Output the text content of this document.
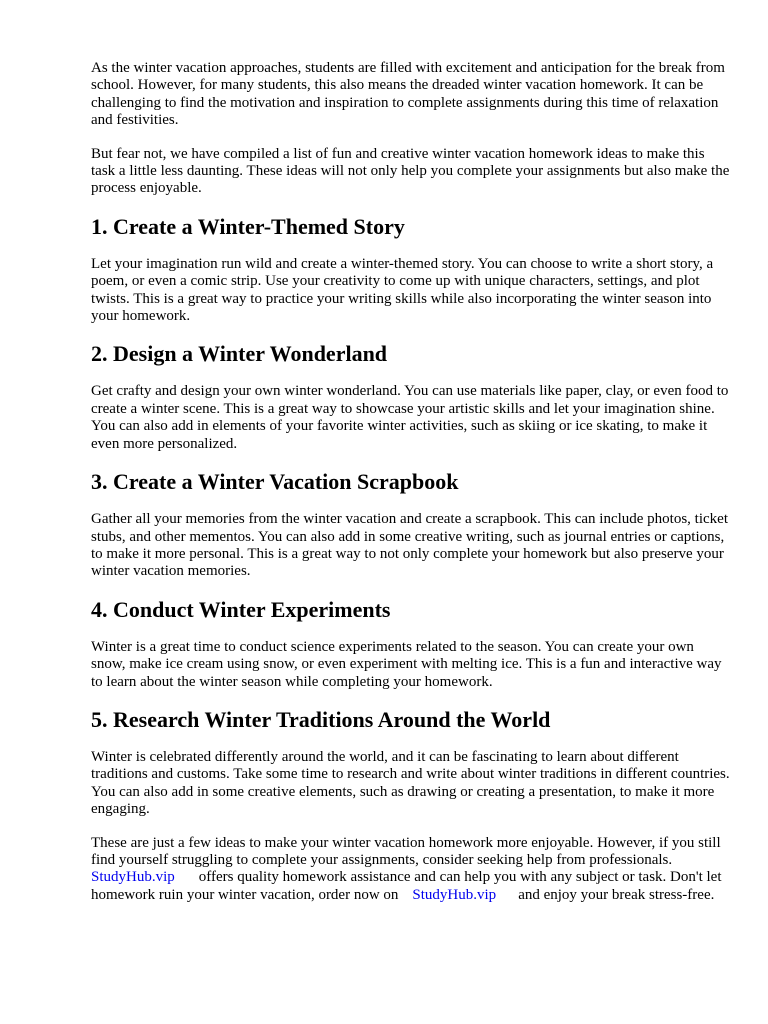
As the winter vacation approaches, students are filled with excitement and anticipation for the break from school. However, for many students, this also means the dreaded winter vacation homework. It can be challenging to find the motivation and inspiration to complete assignments during this time of relaxation and festivities.

But fear not, we have compiled a list of fun and creative winter vacation homework ideas to make this task a little less daunting. These ideas will not only help you complete your assignments but also make the process enjoyable.

1. Create a Winter-Themed Story

Let your imagination run wild and create a winter-themed story. You can choose to write a short story, a poem, or even a comic strip. Use your creativity to come up with unique characters, settings, and plot twists. This is a great way to practice your writing skills while also incorporating the winter season into your homework.

2. Design a Winter Wonderland

Get crafty and design your own winter wonderland. You can use materials like paper, clay, or even food to create a winter scene. This is a great way to showcase your artistic skills and let your imagination shine. You can also add in elements of your favorite winter activities, such as skiing or ice skating, to make it even more personalized.

3. Create a Winter Vacation Scrapbook

Gather all your memories from the winter vacation and create a scrapbook. This can include photos, ticket stubs, and other mementos. You can also add in some creative writing, such as journal entries or captions, to make it more personal. This is a great way to not only complete your homework but also preserve your winter vacation memories.

4. Conduct Winter Experiments

Winter is a great time to conduct science experiments related to the season. You can create your own snow, make ice cream using snow, or even experiment with melting ice. This is a fun and interactive way to learn about the winter season while completing your homework.

5. Research Winter Traditions Around the World

Winter is celebrated differently around the world, and it can be fascinating to learn about different traditions and customs. Take some time to research and write about winter traditions in different countries. You can also add in some creative elements, such as drawing or creating a presentation, to make it more engaging.

These are just a few ideas to make your winter vacation homework more enjoyable. However, if you still find yourself struggling to complete your assignments, consider seeking help from professionals.StudyHub.vip offers quality homework assistance and can help you with any subject or task. Don't let homework ruin your winter vacation, order now on StudyHub.vip and enjoy your break stress-free.
